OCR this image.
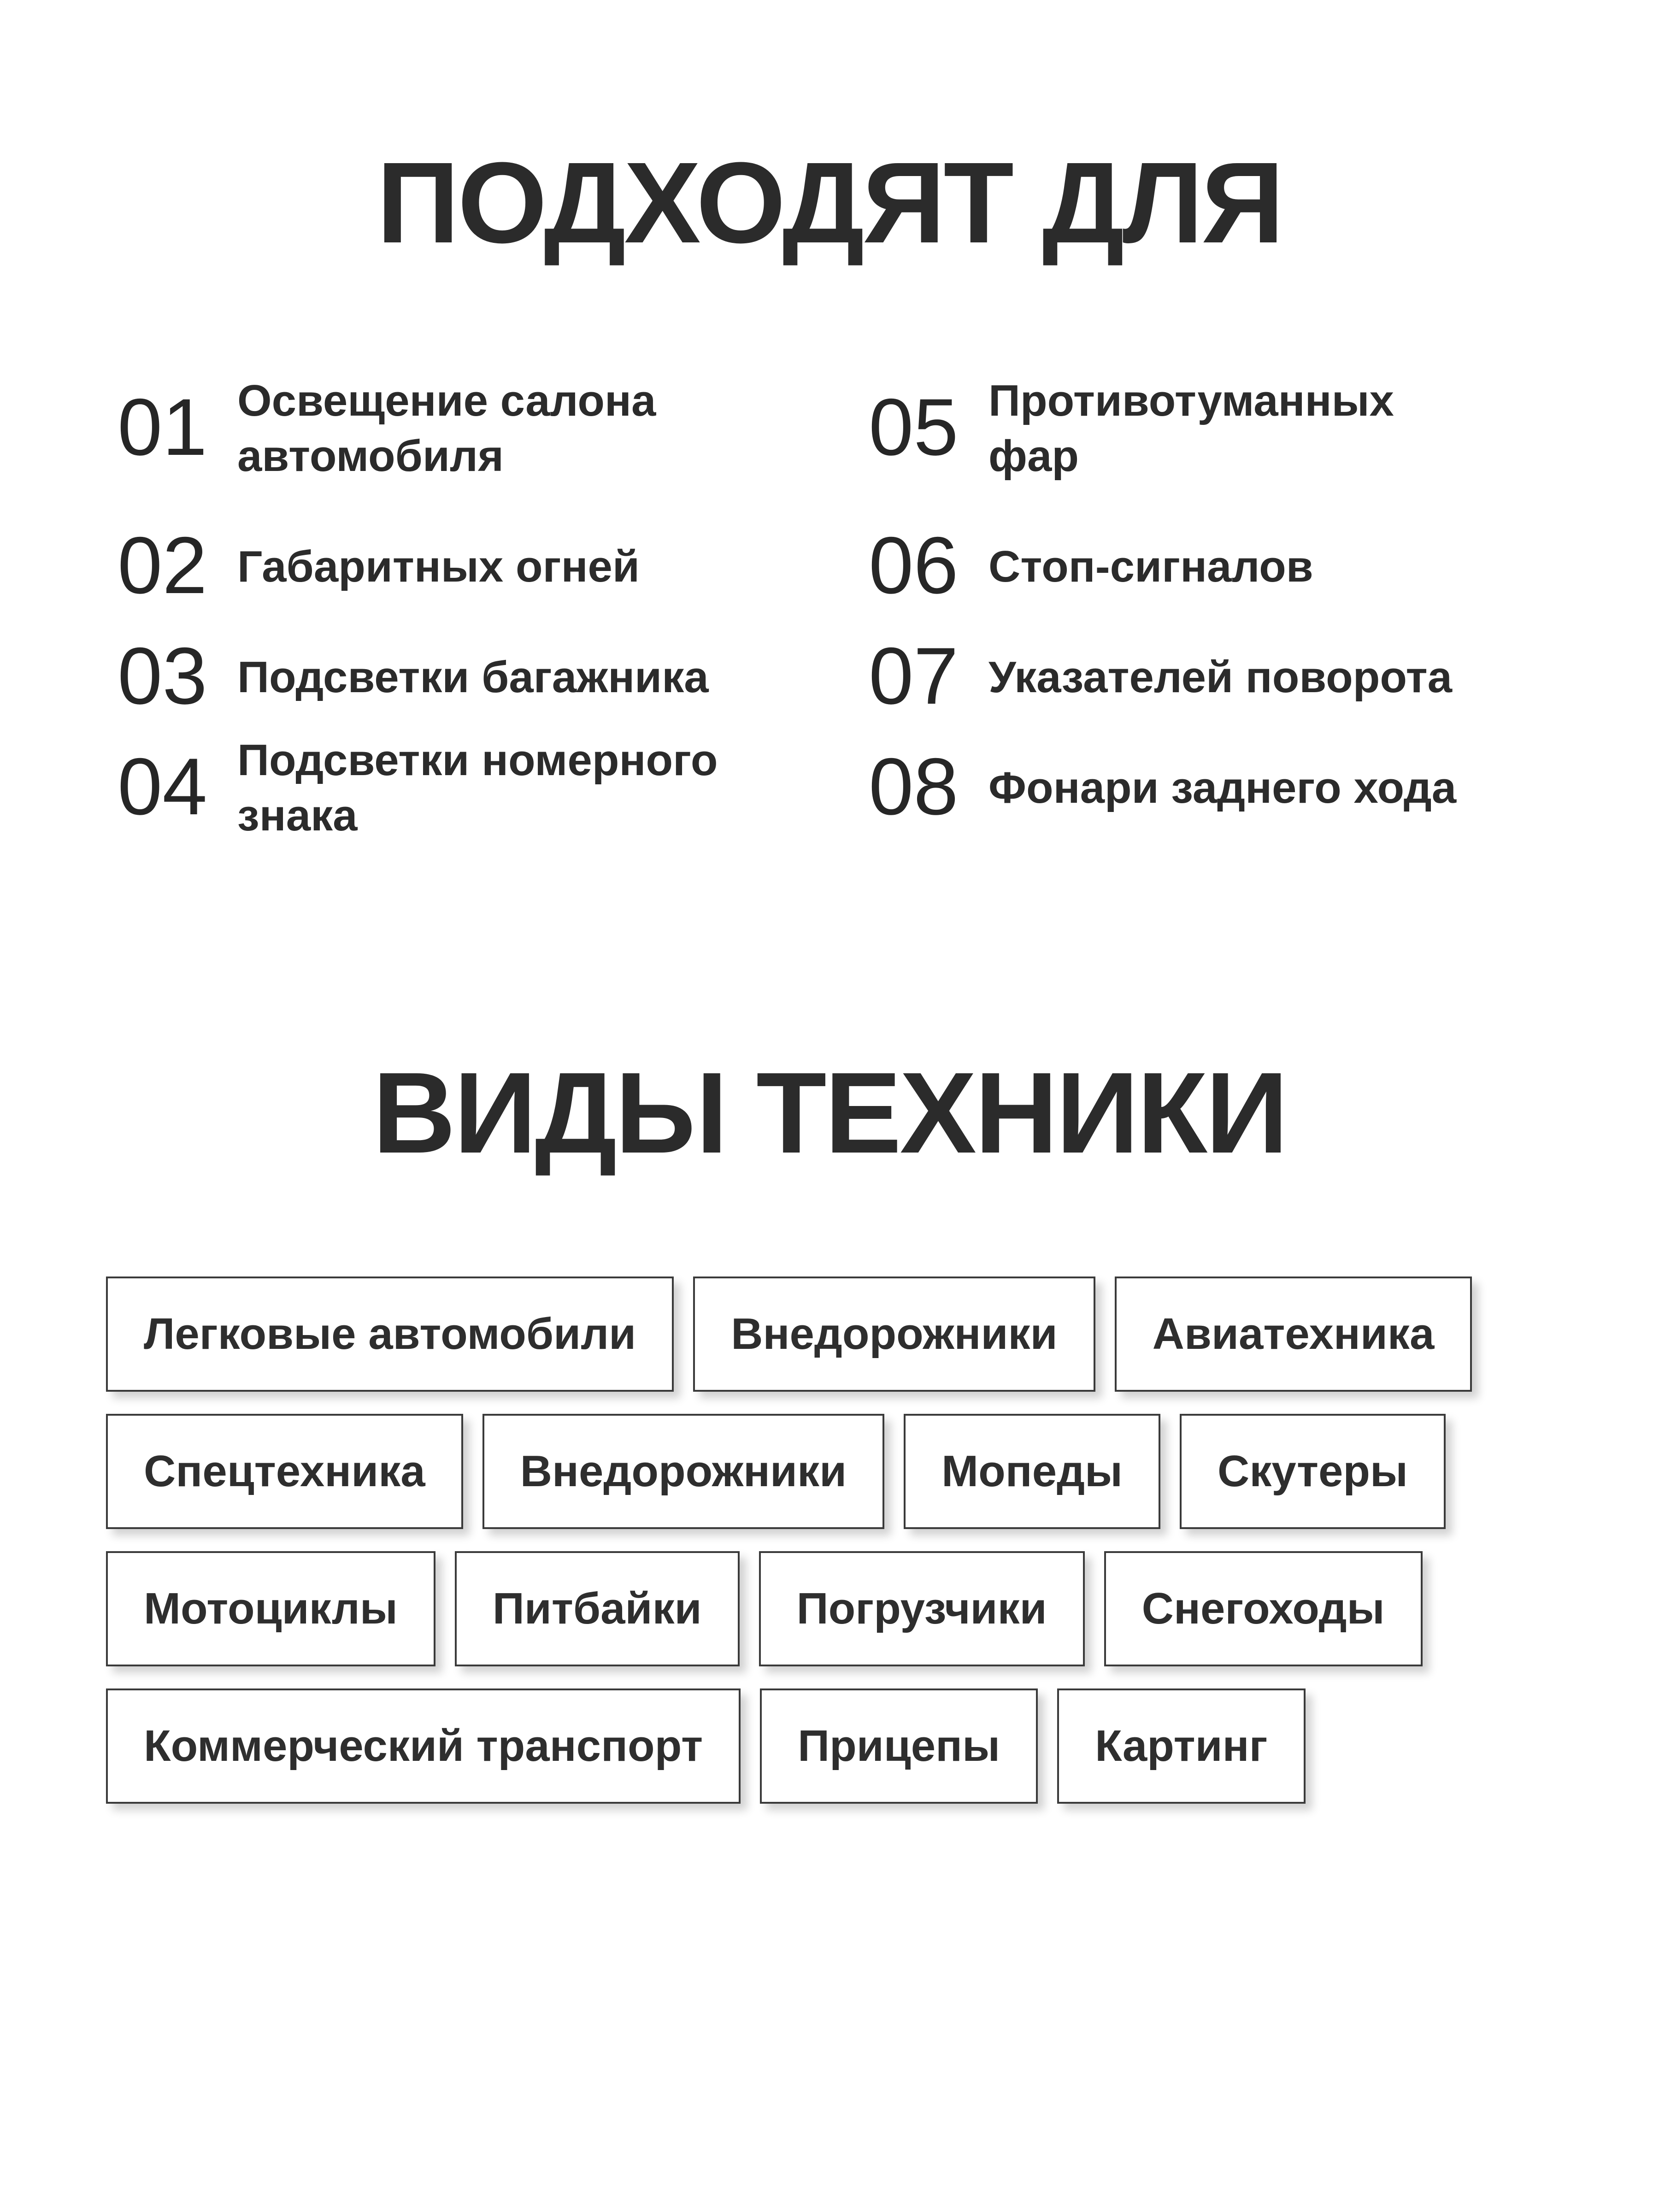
ПОДХОДЯТ ДЛЯ
01 Освещение салона автомобиля
02 Габаритных огней
03 Подсветки багажника
04 Подсветки номерного знака
05 Противотуманных фар
06 Стоп-сигналов
07 Указателей поворота
08 Фонари заднего хода
ВИДЫ ТЕХНИКИ
Легковые автомобили	Внедорожники	Авиатехника
Спецтехника	Внедорожники	Мопеды	Скутеры
Мотоциклы	Питбайки	Погрузчики	Снегоходы
Коммерческий транспорт	Прицепы	Картинг
